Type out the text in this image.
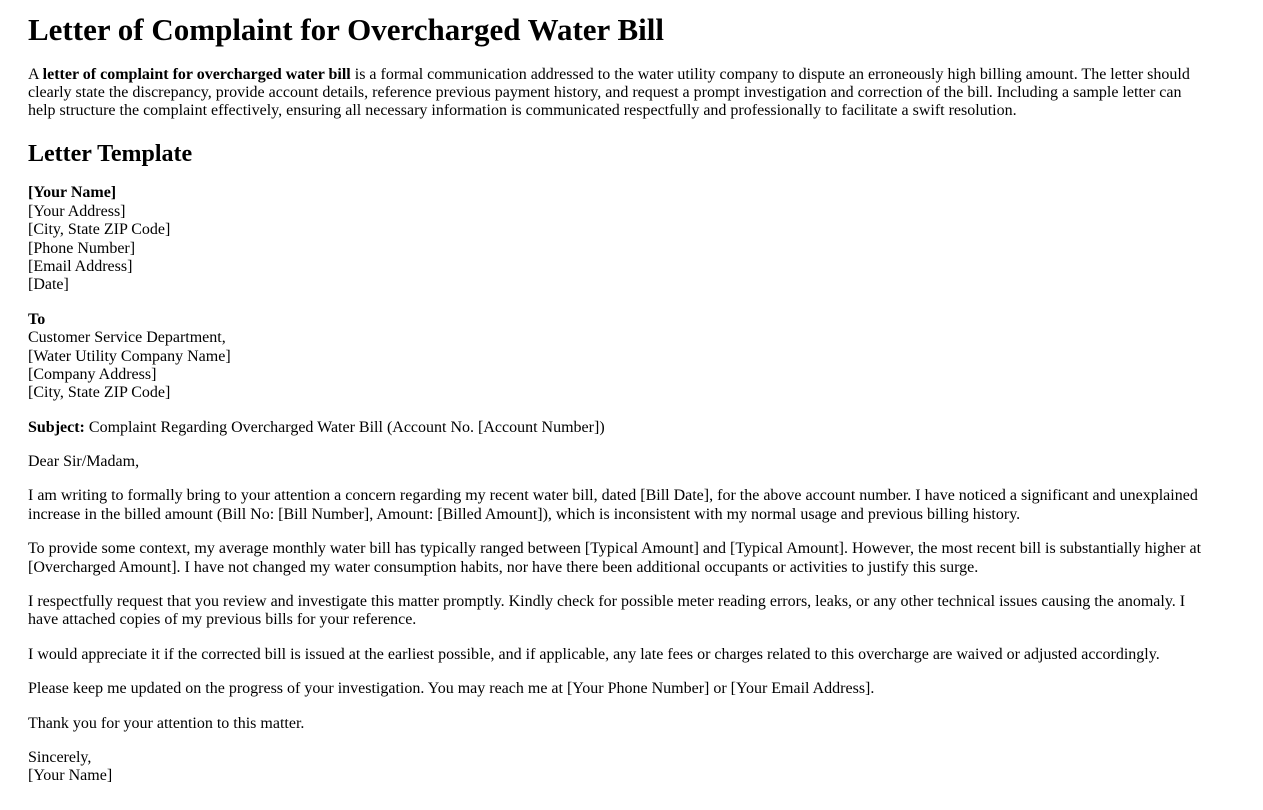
Letter of Complaint for Overcharged Water Bill

A letter of complaint for overcharged water bill is a formal communication addressed to the water utility company to dispute an erroneously high billing amount. The letter should clearly state the discrepancy, provide account details, reference previous payment history, and request a prompt investigation and correction of the bill. Including a sample letter can help structure the complaint effectively, ensuring all necessary information is communicated respectfully and professionally to facilitate a swift resolution.

Letter Template

[Your Name]
[Your Address]
[City, State ZIP Code]
[Phone Number]
[Email Address]
[Date]

To
Customer Service Department,
[Water Utility Company Name]
[Company Address]
[City, State ZIP Code]

Subject: Complaint Regarding Overcharged Water Bill (Account No. [Account Number])

Dear Sir/Madam,

I am writing to formally bring to your attention a concern regarding my recent water bill, dated [Bill Date], for the above account number. I have noticed a significant and unexplained increase in the billed amount (Bill No: [Bill Number], Amount: [Billed Amount]), which is inconsistent with my normal usage and previous billing history.

To provide some context, my average monthly water bill has typically ranged between [Typical Amount] and [Typical Amount]. However, the most recent bill is substantially higher at [Overcharged Amount]. I have not changed my water consumption habits, nor have there been additional occupants or activities to justify this surge.

I respectfully request that you review and investigate this matter promptly. Kindly check for possible meter reading errors, leaks, or any other technical issues causing the anomaly. I have attached copies of my previous bills for your reference.

I would appreciate it if the corrected bill is issued at the earliest possible, and if applicable, any late fees or charges related to this overcharge are waived or adjusted accordingly.

Please keep me updated on the progress of your investigation. You may reach me at [Your Phone Number] or [Your Email Address].

Thank you for your attention to this matter.

Sincerely,
[Your Name]
